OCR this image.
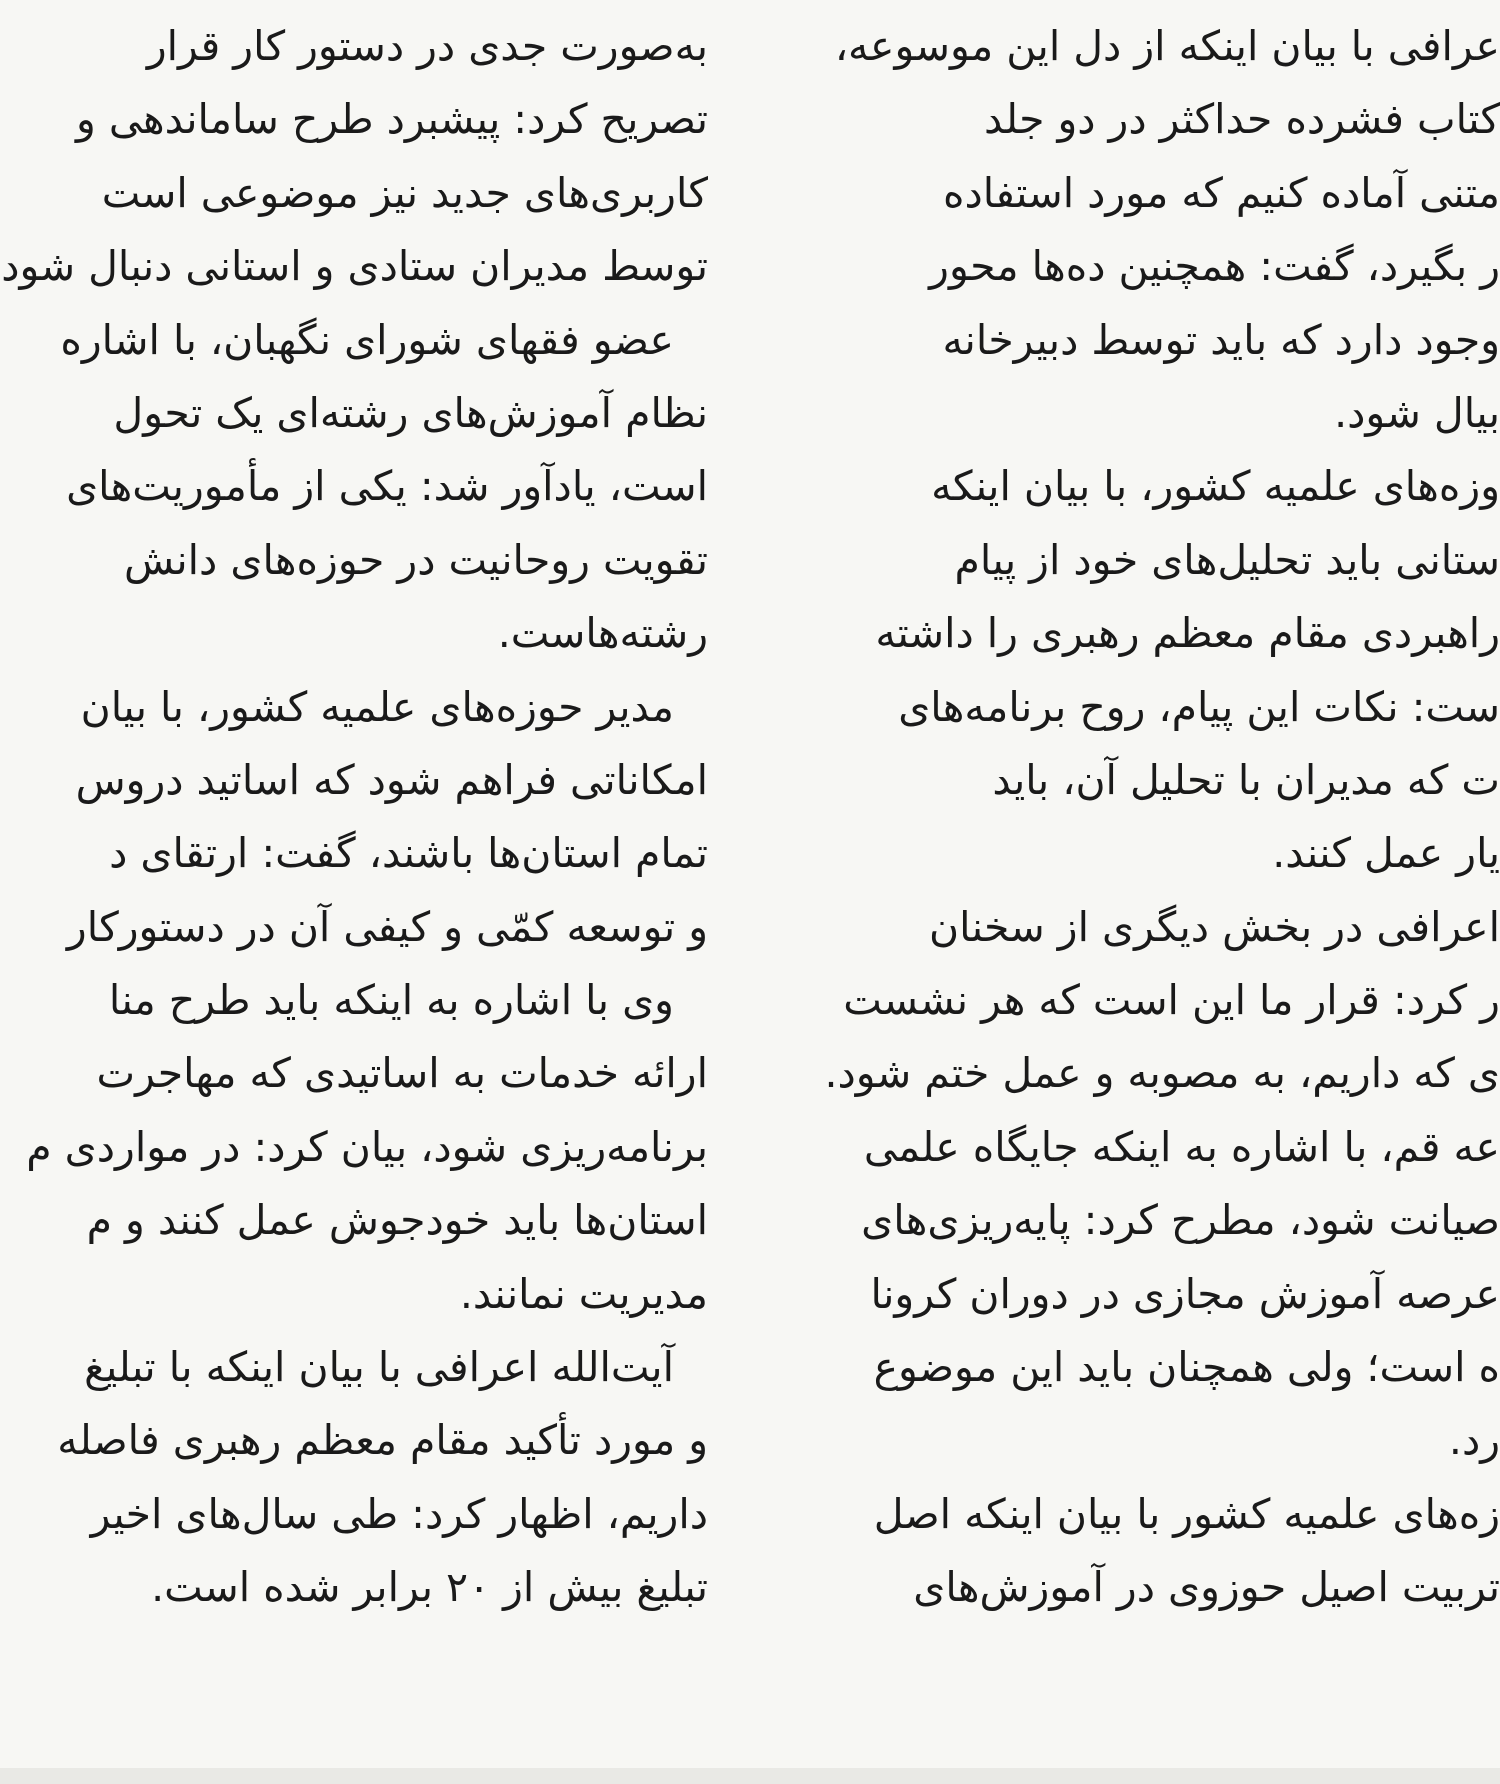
به‌صورت جدی در دستور کار قرار
تصریح کرد: پیشبرد طرح ساماندهی و
کاربری‌های جدید نیز موضوعی است
توسط مدیران ستادی و استانی دنبال شود
عضو فقهای شورای نگهبان، با اشاره
نظام آموزش‌های رشته‌ای یک تحول
است، یادآور شد: یکی از مأموریت‌های
تقویت روحانیت در حوزه‌های دانش
رشته‌هاست.
مدیر حوزه‌های علمیه کشور، با بیان
امکاناتی فراهم شود که اساتید دروس
تمام استان‌ها باشند، گفت: ارتقای د
و توسعه کمّی و کیفی آن در دستورکار
وی با اشاره به اینکه باید طرح منا
ارائه خدمات به اساتیدی که مهاجرت
برنامه‌ریزی شود، بیان کرد: در مواردی م
استان‌ها باید خودجوش عمل کنند و م
مدیریت نمانند.
آیت‌الله اعرافی با بیان اینکه با تبلیغ
و مورد تأکید مقام معظم رهبری فاصله
داریم، اظهار کرد: طی سال‌های اخیر
تبلیغ بیش از ۲۰ برابر شده است.
عرافی با بیان اینکه از دل این موسوعه،
کتاب فشرده حداکثر در دو جلد
متنی آماده کنیم که مورد استفاده
ر بگیرد، گفت: همچنین ده‌ها محور
وجود دارد که باید توسط دبیرخانه
بیال شود.
وزه‌های علمیه کشور، با بیان اینکه
ستانی باید تحلیل‌های خود از پیام
راهبردی مقام معظم رهبری را داشته
ست: نکات این پیام، روح برنامه‌های
ت که مدیران با تحلیل آن، باید
یار عمل کنند.
اعرافی در بخش دیگری از سخنان
ر کرد: قرار ما این است که هر نشست
ی که داریم، به مصوبه و عمل ختم شود.
عه قم، با اشاره به اینکه جایگاه علمی
صیانت شود، مطرح کرد: پایه‌ریزی‌های
عرصه آموزش مجازی در دوران کرونا
ه است؛ ولی همچنان باید این موضوع
رد.
زه‌های علمیه کشور با بیان اینکه اصل
تربیت اصیل حوزوی در آموزش‌های
